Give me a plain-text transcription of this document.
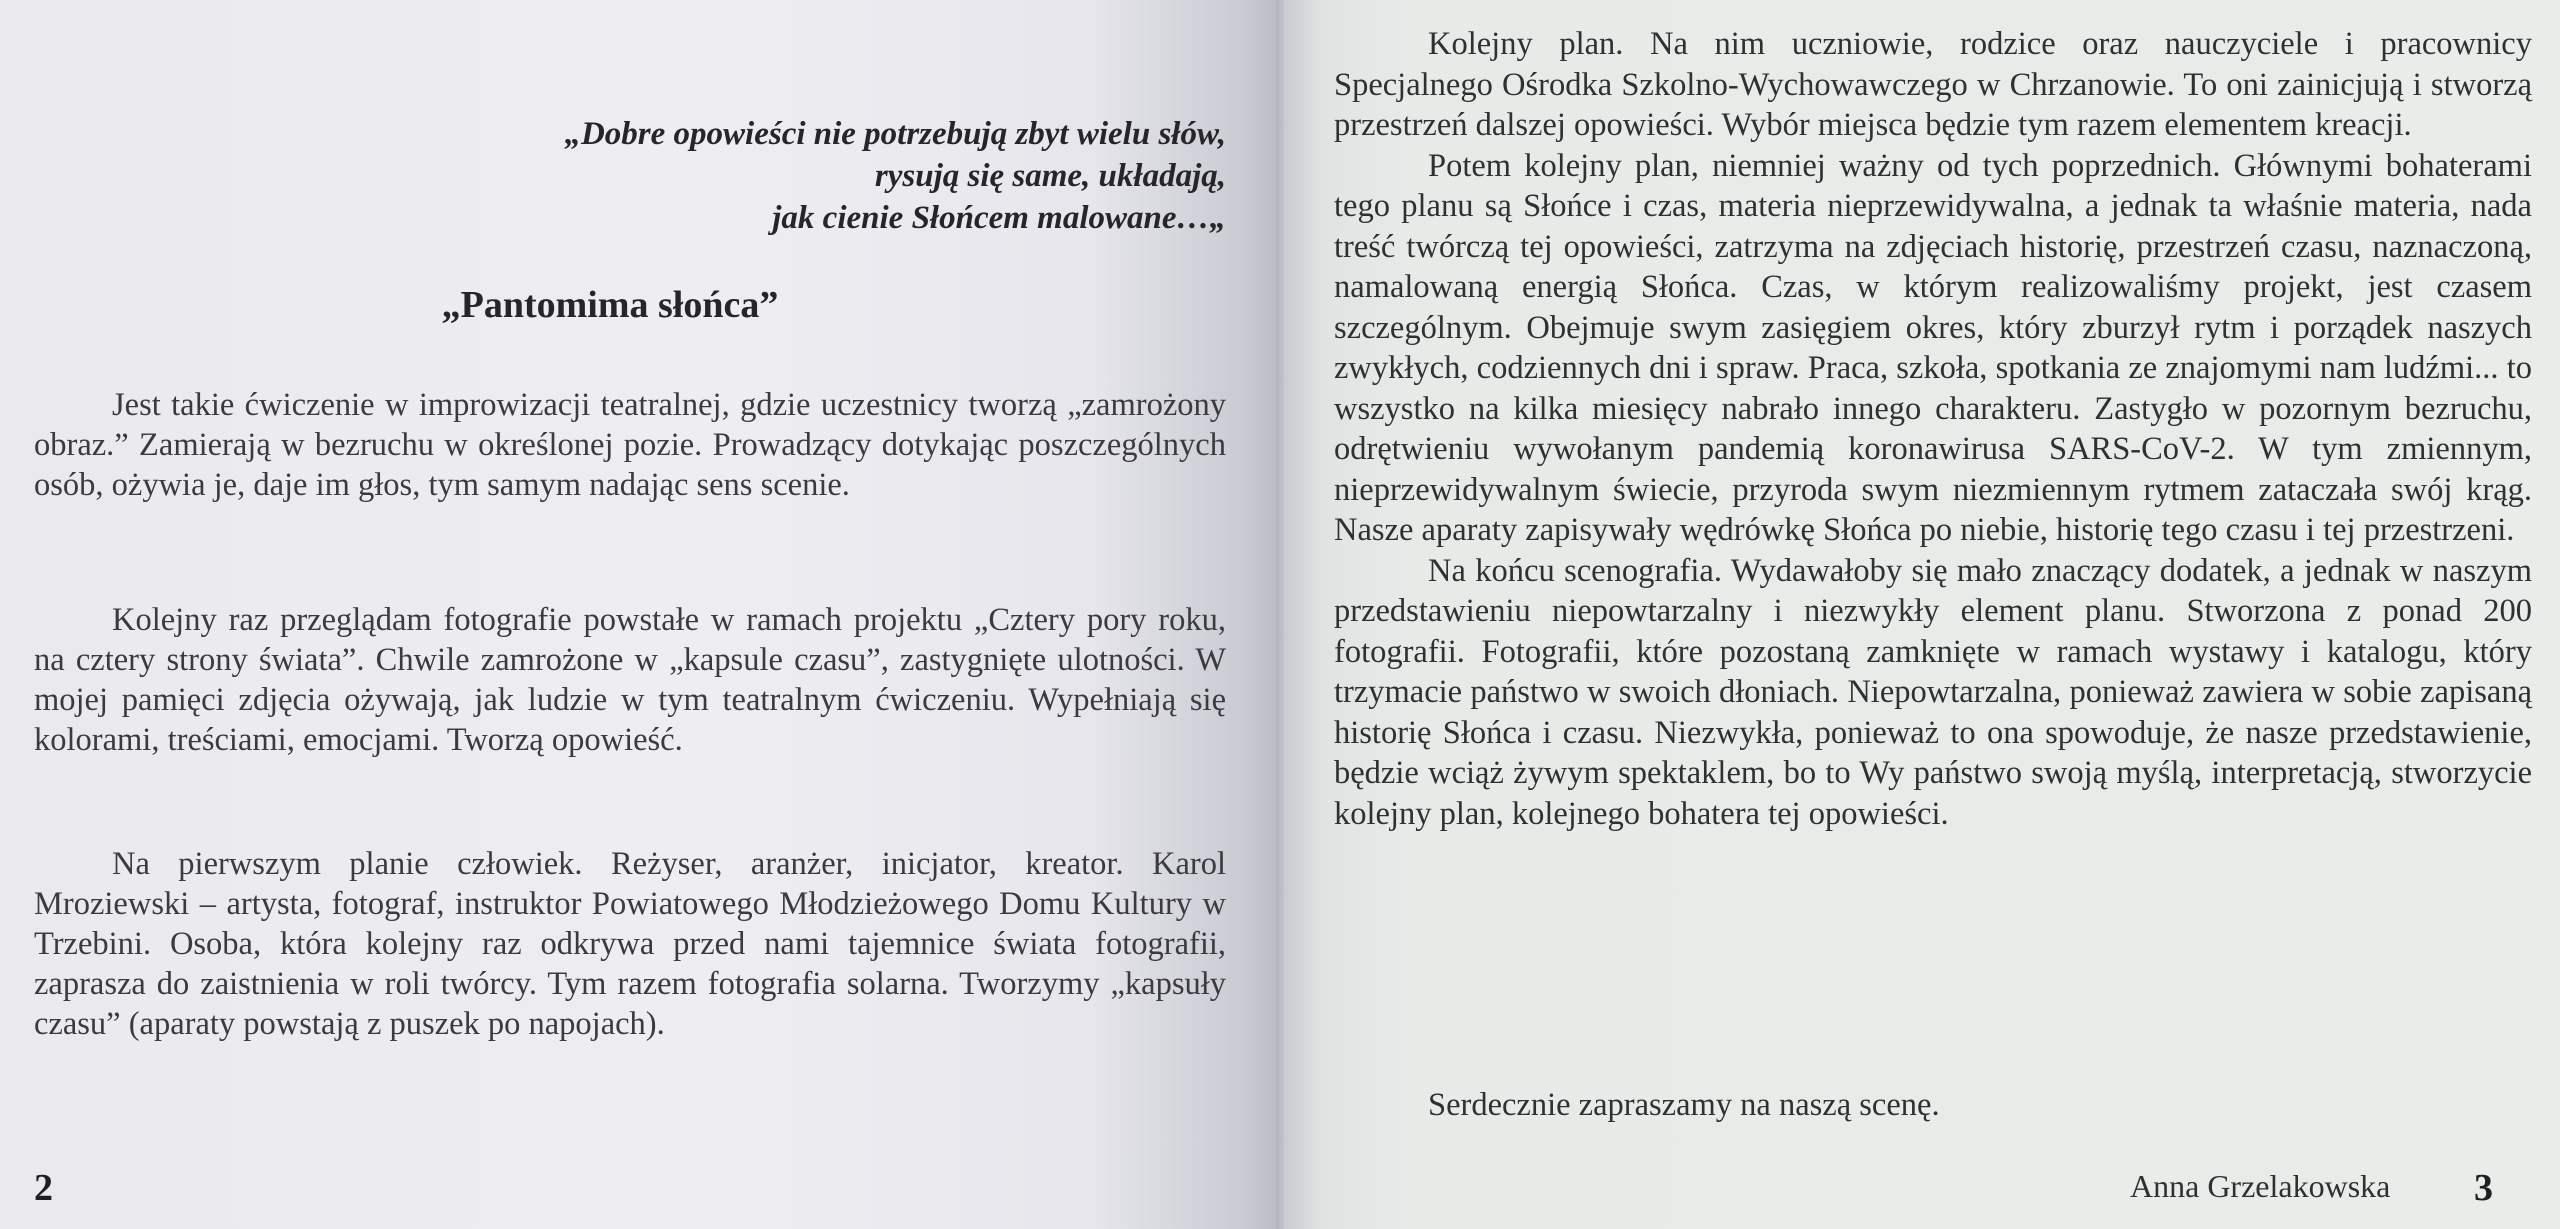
„Dobre opowieści nie potrzebują zbyt wielu słów,
rysują się same, układają,
jak cienie Słońcem malowane…„
„Pantomima słońca”

Jest takie ćwiczenie w improwizacji teatralnej, gdzie uczestnicy tworzą „zamrożony obraz.” Zamierają w bezruchu w określonej pozie. Prowadzący dotykając poszczególnych osób, ożywia je, daje im głos, tym samym nadając sens scenie.

Kolejny raz przeglądam fotografie powstałe w ramach projektu „Cztery pory roku, na cztery strony świata”. Chwile zamrożone w „kapsule czasu”, zastygnięte ulotności. W mojej pamięci zdjęcia ożywają, jak ludzie w tym teatralnym ćwiczeniu. Wypełniają się kolorami, treściami, emocjami. Tworzą opowieść.

Na pierwszym planie człowiek. Reżyser, aranżer, inicjator, kreator. Karol Mroziewski – artysta, fotograf, instruktor Powiatowego Młodzieżowego Domu Kultury w Trzebini. Osoba, która kolejny raz odkrywa przed nami tajemnice świata fotografii, zaprasza do zaistnienia w roli twórcy. Tym razem fotografia solarna. Tworzymy „kapsuły czasu” (aparaty powstają z puszek po napojach).

2

Kolejny plan. Na nim uczniowie, rodzice oraz nauczyciele i pracownicy Specjalnego Ośrodka Szkolno-Wychowawczego w Chrzanowie. To oni zainicjują i stworzą przestrzeń dalszej opowieści. Wybór miejsca będzie tym razem elementem kreacji.

Potem kolejny plan, niemniej ważny od tych poprzednich. Głównymi bohaterami tego planu są Słońce i czas, materia nieprzewidywalna, a jednak ta właśnie materia, nada treść twórczą tej opowieści, zatrzyma na zdjęciach historię, przestrzeń czasu, naznaczoną, namalowaną energią Słońca. Czas, w którym realizowaliśmy projekt, jest czasem szczególnym. Obejmuje swym zasięgiem okres, który zburzył rytm i porządek naszych zwykłych, codziennych dni i spraw. Praca, szkoła, spotkania ze znajomymi nam ludźmi... to wszystko na kilka miesięcy nabrało innego charakteru. Zastygło w pozornym bezruchu, odrętwieniu wywołanym pandemią koronawirusa SARS-CoV-2. W tym zmiennym, nieprzewidywalnym świecie, przyroda swym niezmiennym rytmem zataczała swój krąg. Nasze aparaty zapisywały wędrówkę Słońca po niebie, historię tego czasu i tej przestrzeni.

Na końcu scenografia. Wydawałoby się mało znaczący dodatek, a jednak w naszym przedstawieniu niepowtarzalny i niezwykły element planu. Stworzona z ponad 200 fotografii. Fotografii, które pozostaną zamknięte w ramach wystawy i katalogu, który trzymacie państwo w swoich dłoniach. Niepowtarzalna, ponieważ zawiera w sobie zapisaną historię Słońca i czasu. Niezwykła, ponieważ to ona spowoduje, że nasze przedstawienie, będzie wciąż żywym spektaklem, bo to Wy państwo swoją myślą, interpretacją, stworzycie kolejny plan, kolejnego bohatera tej opowieści.

Serdecznie zapraszamy na naszą scenę.
Anna Grzelakowska 3
